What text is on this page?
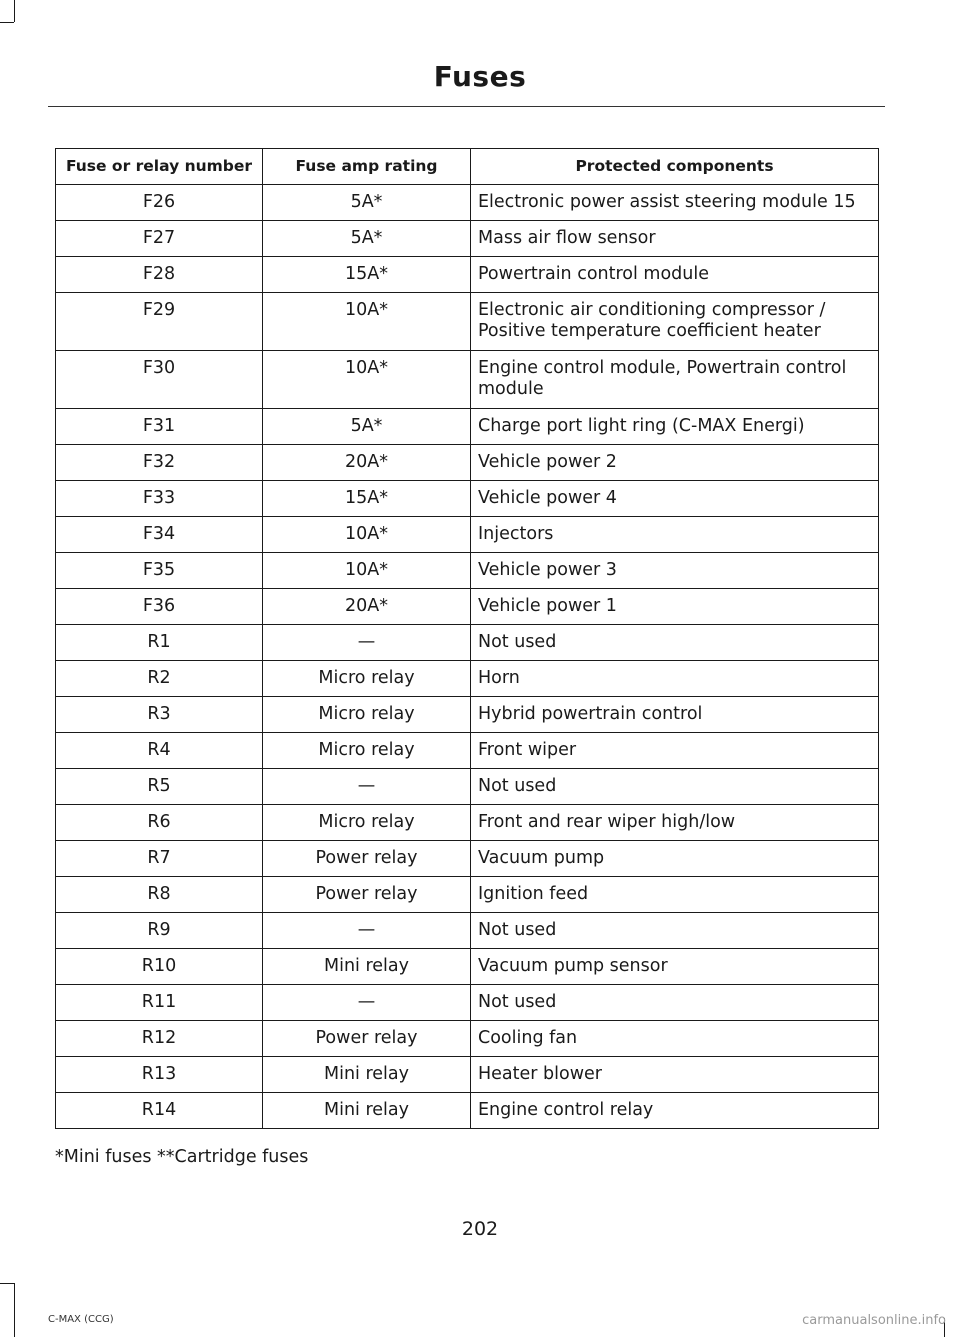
Fuses
Fuse or relay number	Fuse amp rating	Protected components
F26	5A*	Electronic power assist steering module 15
F27	5A*	Mass air flow sensor
F28	15A*	Powertrain control module
F29	10A*	Electronic air conditioning compressor / Positive temperature coefficient heater
F30	10A*	Engine control module, Powertrain control module
F31	5A*	Charge port light ring (C-MAX Energi)
F32	20A*	Vehicle power 2
F33	15A*	Vehicle power 4
F34	10A*	Injectors
F35	10A*	Vehicle power 3
F36	20A*	Vehicle power 1
R1	—	Not used
R2	Micro relay	Horn
R3	Micro relay	Hybrid powertrain control
R4	Micro relay	Front wiper
R5	—	Not used
R6	Micro relay	Front and rear wiper high/low
R7	Power relay	Vacuum pump
R8	Power relay	Ignition feed
R9	—	Not used
R10	Mini relay	Vacuum pump sensor
R11	—	Not used
R12	Power relay	Cooling fan
R13	Mini relay	Heater blower
R14	Mini relay	Engine control relay
*Mini fuses **Cartridge fuses
202
C-MAX (CCG)	carmanualsonline.info
